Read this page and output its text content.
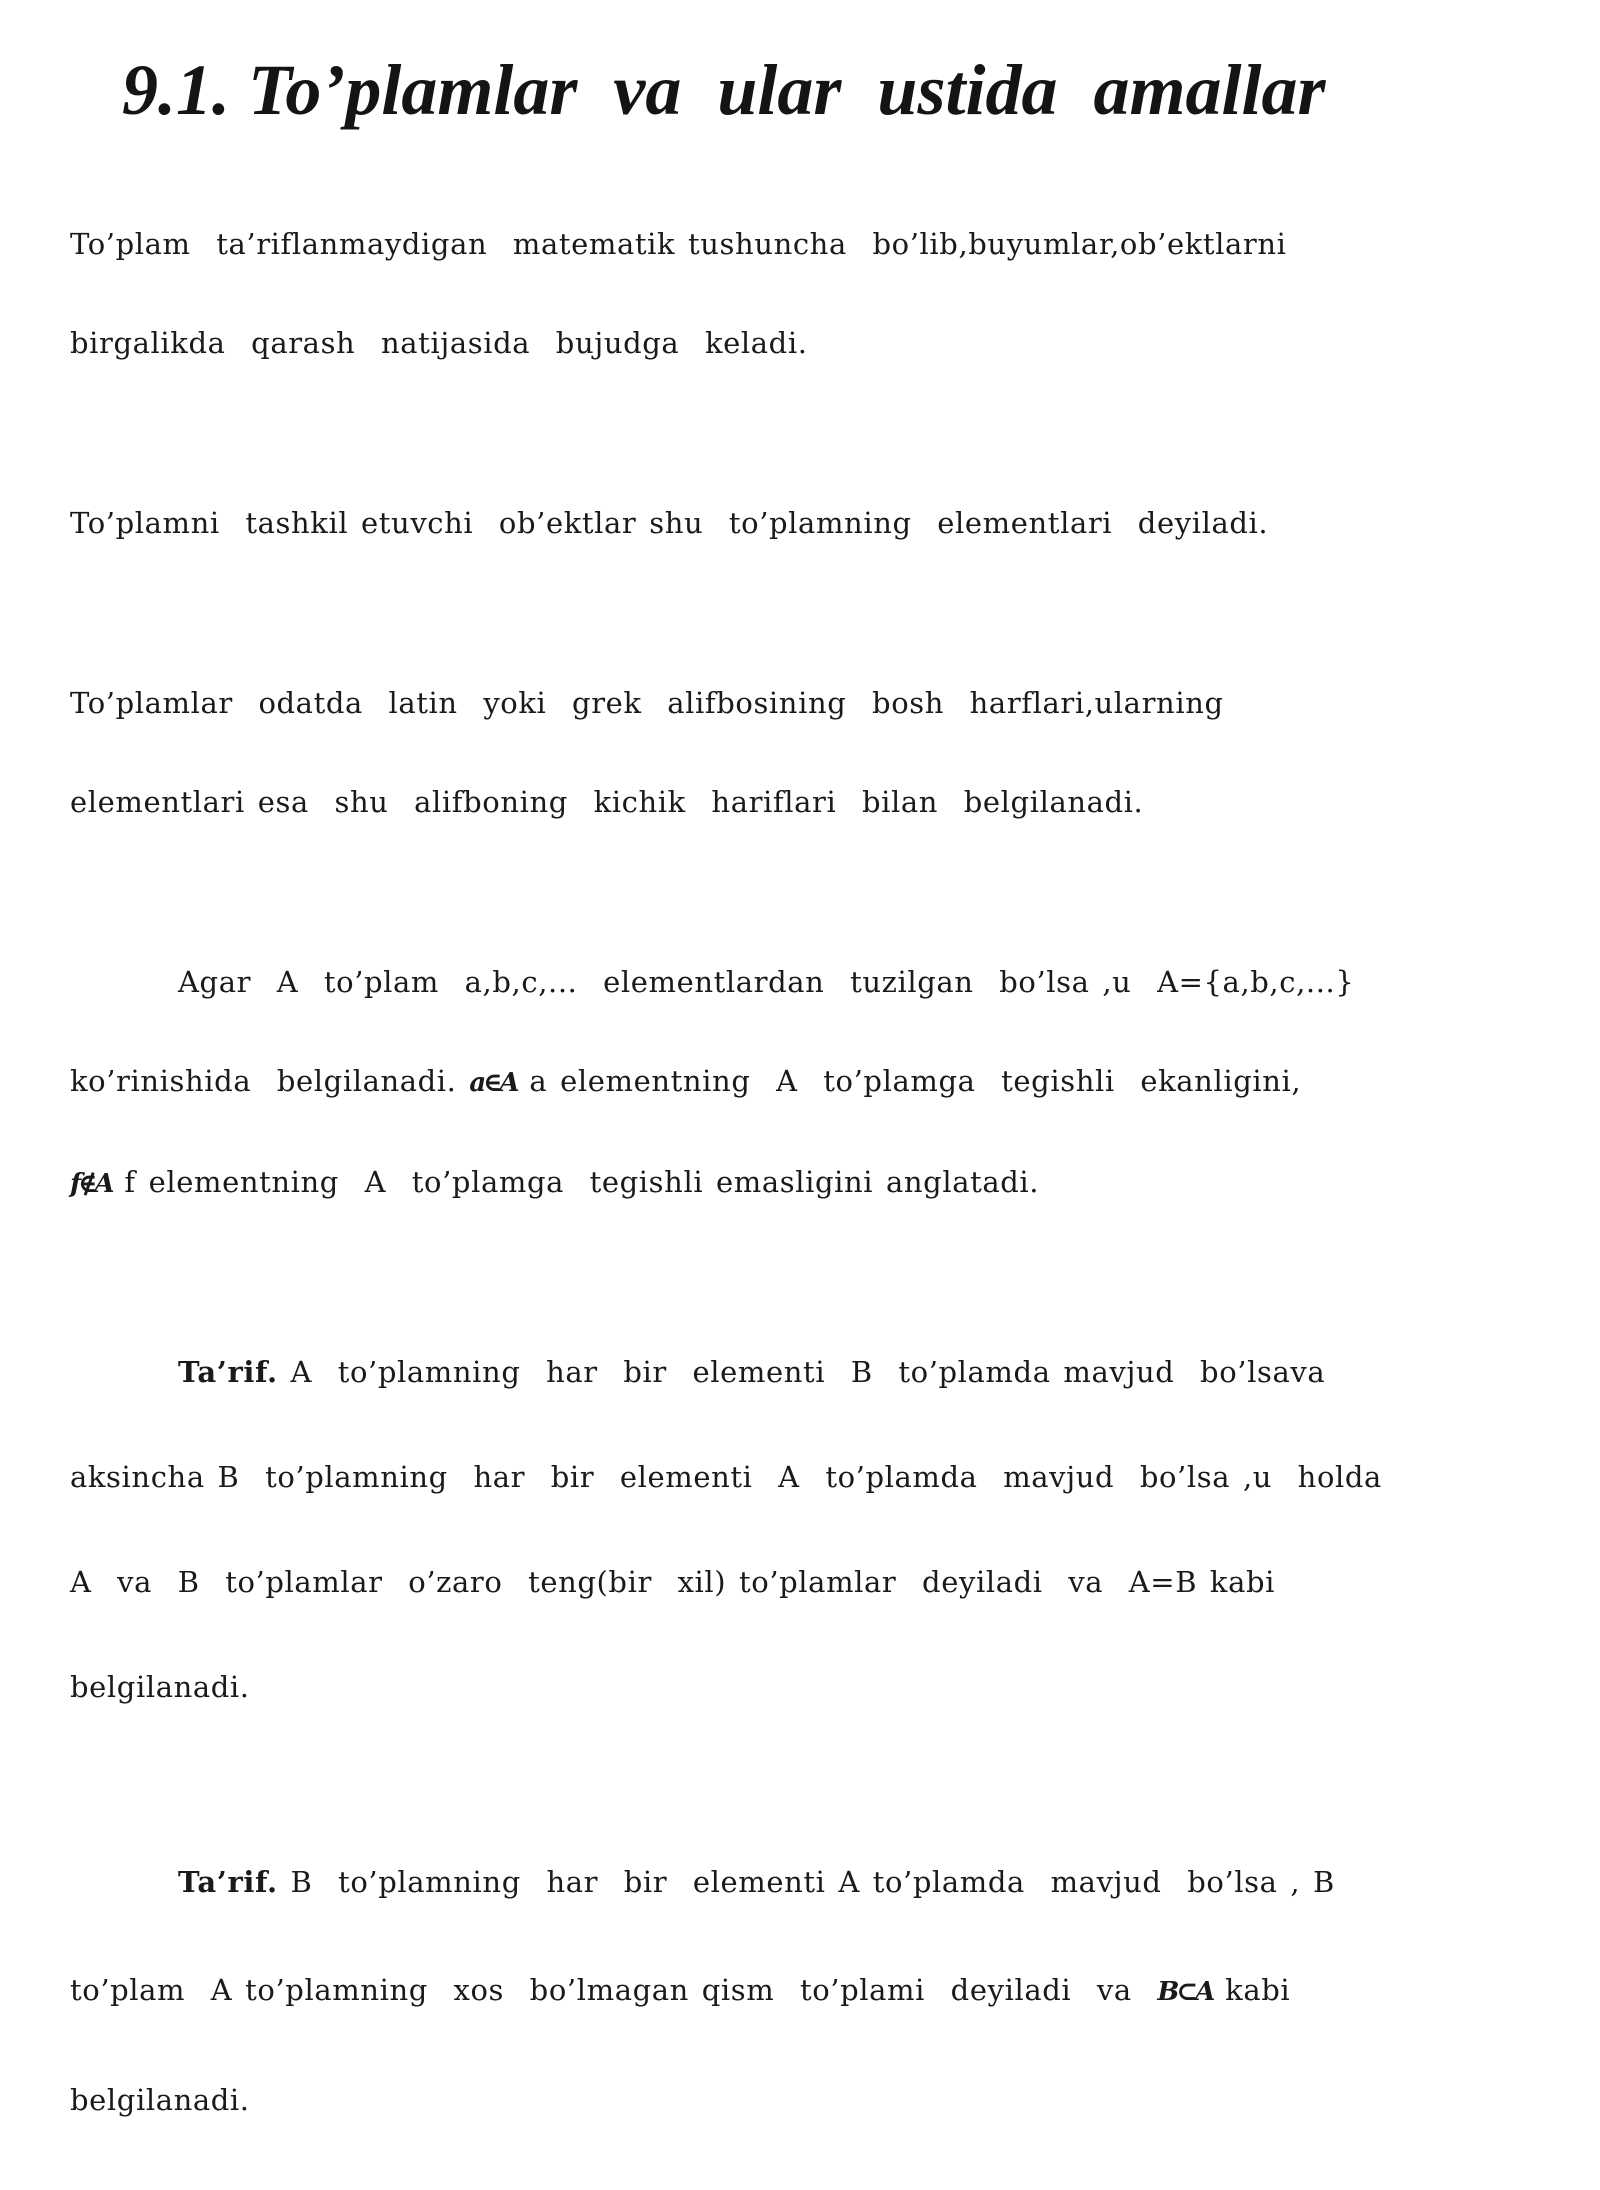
9.1. To’plamlar  va  ular  ustida  amallar

To’plam  ta’riflanmaydigan  matematik tushuncha  bo’lib,buyumlar,ob’ektlarni

birgalikda  qarash  natijasida  bujudga  keladi.

To’plamni  tashkil etuvchi  ob’ektlar shu  to’plamning  elementlari  deyiladi.

To’plamlar  odatda  latin  yoki  grek  alifbosining  bosh  harflari,ularning

elementlari esa  shu  alifboning  kichik  hariflari  bilan  belgilanadi.

Agar  A  to’plam  a,b,c,...  elementlardan  tuzilgan  bo’lsa ,u  A={a,b,c,...}

ko’rinishida  belgilanadi. a∈A a elementning  A  to’plamga  tegishli  ekanligini,

f∉A f elementning  A  to’plamga  tegishli emasligini anglatadi.

Ta’rif. A  to’plamning  har  bir  elementi  B  to’plamda mavjud  bo’lsava

aksincha B  to’plamning  har  bir  elementi  A  to’plamda  mavjud  bo’lsa ,u  holda

A  va  B  to’plamlar  o’zaro  teng(bir  xil) to’plamlar  deyiladi  va  A=B kabi

belgilanadi.

Ta’rif. B  to’plamning  har  bir  elementi A to’plamda  mavjud  bo’lsa , B

to’plam  A to’plamning  xos  bo’lmagan qism  to’plami  deyiladi  va  B⊂A kabi

belgilanadi.
